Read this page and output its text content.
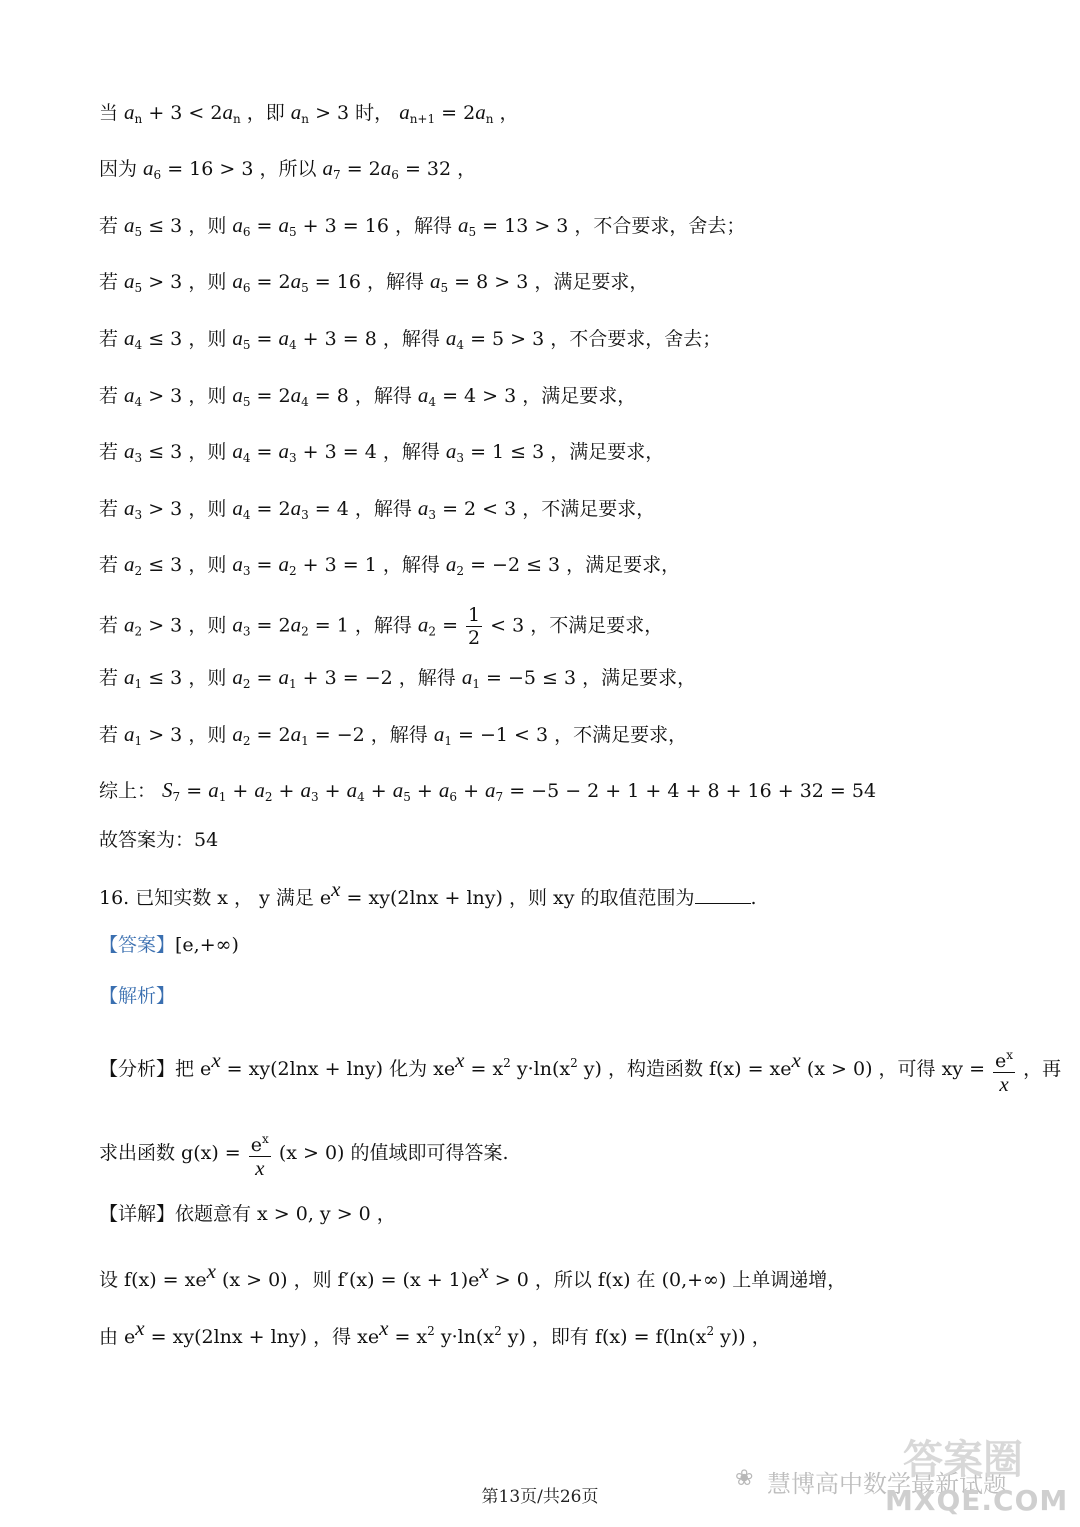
当 $a_n + 3 < 2a_n$ ，即 $a_n > 3$ 时， $a_{n+1} = 2a_n$ ，
因为 $a_6 = 16 > 3$ ，所以 $a_7 = 2a_6 = 32$ ，
若 $a_5 \le 3$ ，则 $a_6 = a_5 + 3 = 16$ ，解得 $a_5 = 13 > 3$ ，不合要求，舍去；
若 $a_5 > 3$ ，则 $a_6 = 2a_5 = 16$ ，解得 $a_5 = 8 > 3$ ，满足要求，
若 $a_4 \le 3$ ，则 $a_5 = a_4 + 3 = 8$ ，解得 $a_4 = 5 > 3$ ，不合要求，舍去；
若 $a_4 > 3$ ，则 $a_5 = 2a_4 = 8$ ，解得 $a_4 = 4 > 3$ ，满足要求，
若 $a_3 \le 3$ ，则 $a_4 = a_3 + 3 = 4$ ，解得 $a_3 = 1 \le 3$ ，满足要求，
若 $a_3 > 3$ ，则 $a_4 = 2a_3 = 4$ ，解得 $a_3 = 2 < 3$ ，不满足要求，
若 $a_2 \le 3$ ，则 $a_3 = a_2 + 3 = 1$ ，解得 $a_2 = -2 \le 3$ ，满足要求，
若 $a_2 > 3$ ，则 $a_3 = 2a_2 = 1$ ，解得 $a_2 = \frac{1}{2} < 3$ ，不满足要求，
若 $a_1 \le 3$ ，则 $a_2 = a_1 + 3 = -2$ ，解得 $a_1 = -5 \le 3$ ，满足要求，
若 $a_1 > 3$ ，则 $a_2 = 2a_1 = -2$ ，解得 $a_1 = -1 < 3$ ，不满足要求，
综上： $S_7 = a_1 + a_2 + a_3 + a_4 + a_5 + a_6 + a_7 = -5 - 2 + 1 + 4 + 8 + 16 + 32 = 54$
故答案为：54
16. 已知实数 x ， y 满足 $e^x = xy(2\ln x + \ln y)$ ，则 xy 的取值范围为	.
【答案】[e,+∞)
【解析】
【分析】把 $e^x = xy(2\ln x + \ln y)$ 化为 $xe^x = x^2$ $y\cdot\ln(x^2$ y) ，构造函数 $f(x) = xe^x$ (x > 0) ，可得 xy = $\frac{e^x}{x}$ ，再
求出函数 $g(x) = \frac{e^x}{x} (x > 0)$ 的值域即可得答案.
【详解】依题意有 x > 0, y > 0 ，
设 $f(x) = xe^x$ (x > 0) ，则 $f'(x) = (x + 1)e^x > 0$ ，所以 f(x) 在 (0,+∞) 上单调递增，
由 $e^x = xy(2\ln x + \ln y)$ ，得 $xe^x = x^2$ $y\cdot\ln(x^2$ y) ，即有 $f(x) = f(\ln(x^2$ y)) ，
❀ 慧博高中数学最新试题
答案圈
MXQE.COM
第13页/共26页
